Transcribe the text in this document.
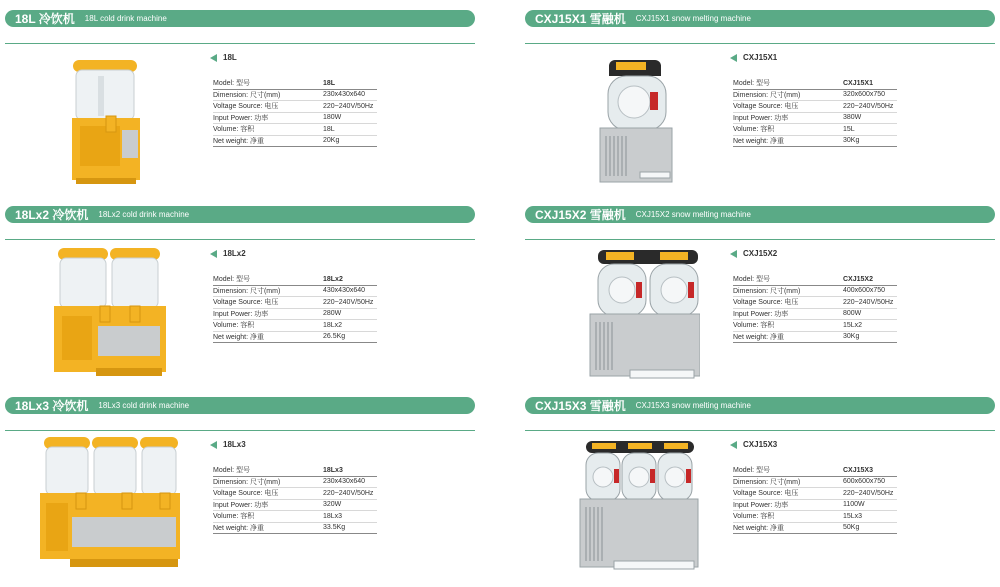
18L 冷饮机 18L cold drink machine
18L
Model: 型号	18L
Dimension: 尺寸(mm)	230x430x640
Voltage Source: 电压	220~240V/50Hz
Input Power: 功率	180W
Volume: 容积	18L
Net weight: 净重	20Kg
CXJ15X1 雪融机 CXJ15X1 snow melting machine
CXJ15X1
Model: 型号	CXJ15X1
Dimension: 尺寸(mm)	320x600x750
Voltage Source: 电压	220~240V/50Hz
Input Power: 功率	380W
Volume: 容积	15L
Net weight: 净重	30Kg
18Lx2 冷饮机 18Lx2 cold drink machine
18Lx2
Model: 型号	18Lx2
Dimension: 尺寸(mm)	430x430x640
Voltage Source: 电压	220~240V/50Hz
Input Power: 功率	280W
Volume: 容积	18Lx2
Net weight: 净重	26.5Kg
CXJ15X2 雪融机 CXJ15X2 snow melting machine
CXJ15X2
Model: 型号	CXJ15X2
Dimension: 尺寸(mm)	400x600x750
Voltage Source: 电压	220~240V/50Hz
Input Power: 功率	800W
Volume: 容积	15Lx2
Net weight: 净重	30Kg
18Lx3 冷饮机 18Lx3 cold drink machine
18Lx3
Model: 型号	18Lx3
Dimension: 尺寸(mm)	230x430x640
Voltage Source: 电压	220~240V/50Hz
Input Power: 功率	320W
Volume: 容积	18Lx3
Net weight: 净重	33.5Kg
CXJ15X3 雪融机 CXJ15X3 snow melting machine
CXJ15X3
Model: 型号	CXJ15X3
Dimension: 尺寸(mm)	600x600x750
Voltage Source: 电压	220~240V/50Hz
Input Power: 功率	1100W
Volume: 容积	15Lx3
Net weight: 净重	50Kg
